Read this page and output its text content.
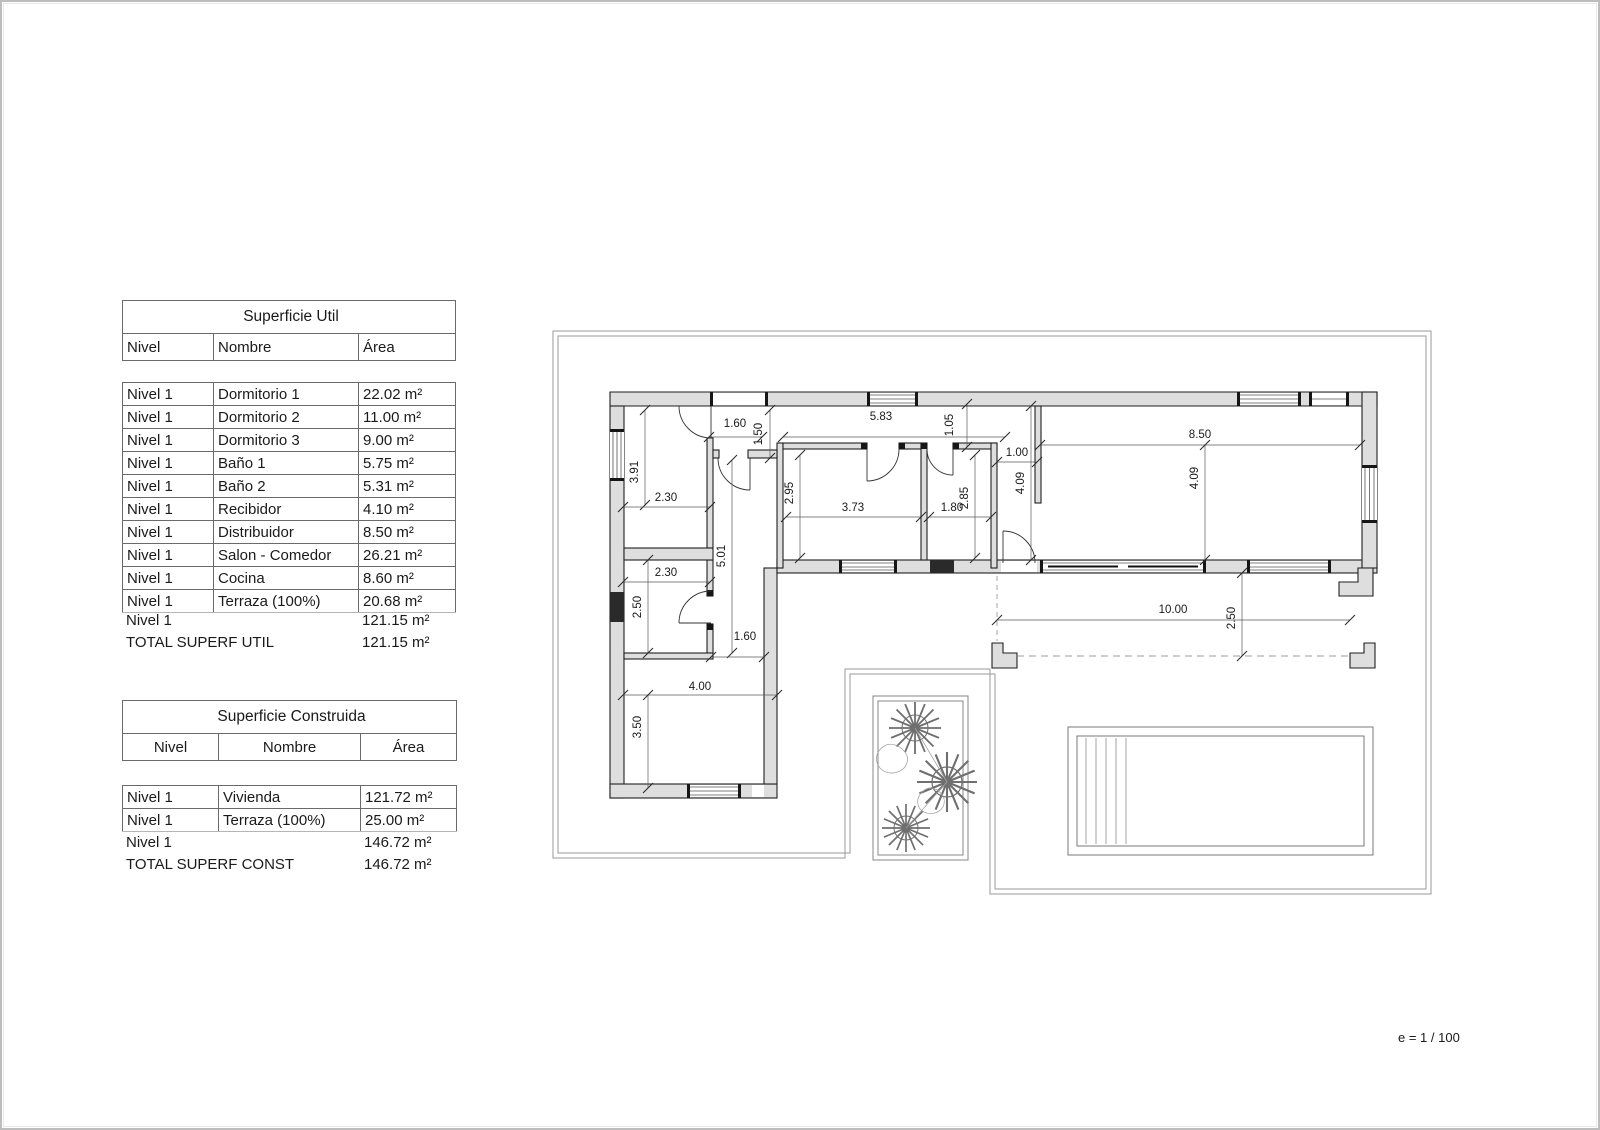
1.60 1.50
5.83	1.05
1.00
4.09
8.50
4.09
3.91
2.30	2.95
3.73	1.80
2.85
2.30
5.01
2.50
1.60
4.00
3.50
10.00	2.50
Superficie Util
Nivel	Nombre	Área
Nivel 1	Dormitorio 1	22.02 m²
Nivel 1	Dormitorio 2	11.00 m²
Nivel 1	Dormitorio 3	9.00 m²
Nivel 1	Baño 1	5.75 m²
Nivel 1	Baño 2	5.31 m²
Nivel 1	Recibidor	4.10 m²
Nivel 1	Distribuidor	8.50 m²
Nivel 1	Salon - Comedor	26.21 m²
Nivel 1	Cocina	8.60 m²
Nivel 1	Terraza (100%)	20.68 m²
Nivel 1		121.15 m²
TOTAL SUPERF UTIL		121.15 m²
Superficie Construida
Nivel	Nombre	Área
Nivel 1	Vivienda	121.72 m²
Nivel 1	Terraza (100%)	25.00 m²
Nivel 1		146.72 m²
TOTAL SUPERF CONST		146.72 m²
e = 1 / 100
